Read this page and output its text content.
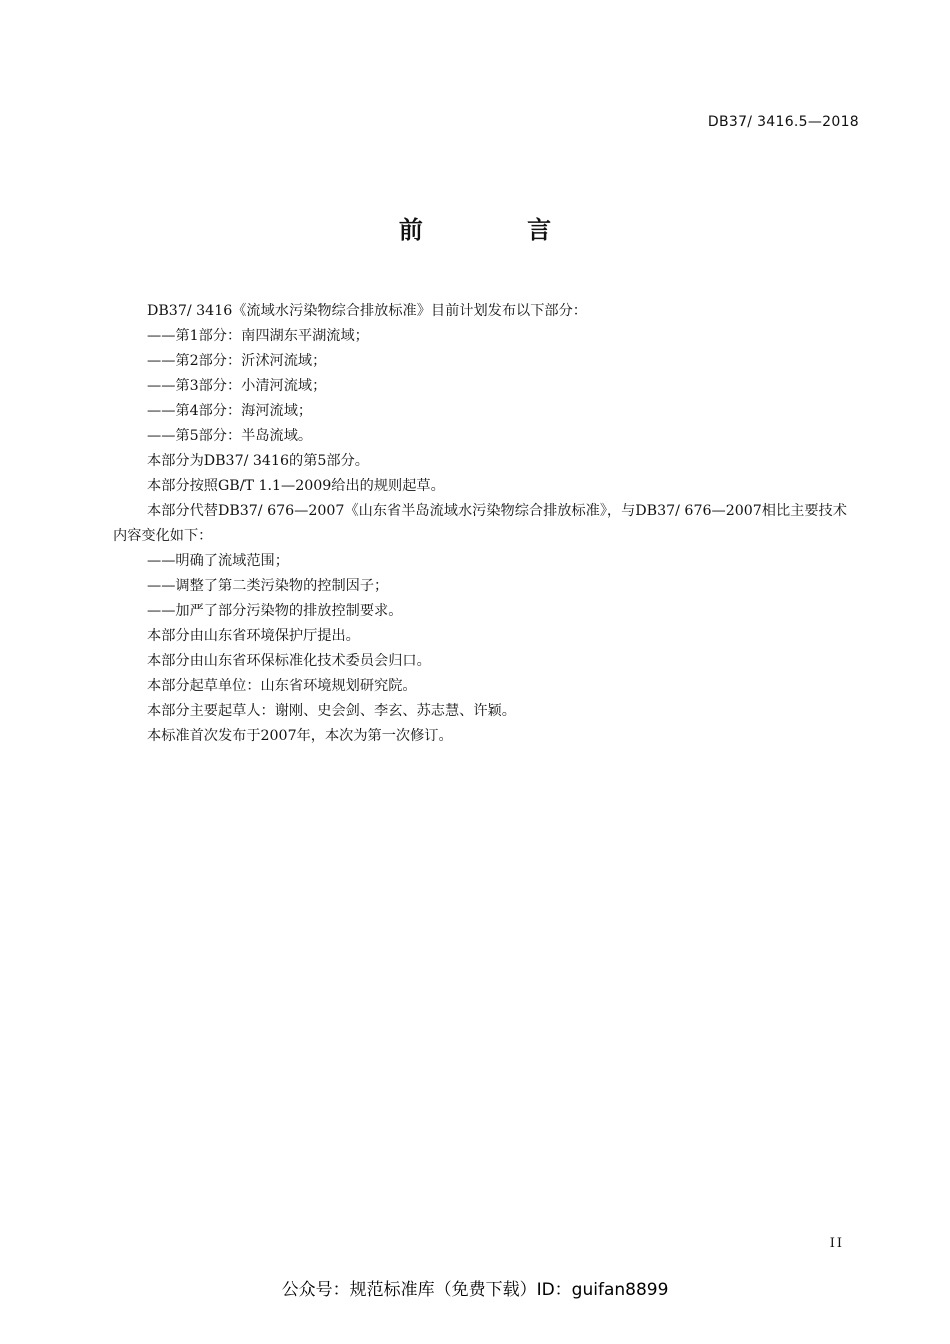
DB37/ 3416.5—2018
前 言

DB37/ 3416《流域水污染物综合排放标准》目前计划发布以下部分：

——第1部分：南四湖东平湖流域；

——第2部分：沂沭河流域；

——第3部分：小清河流域；

——第4部分：海河流域；

——第5部分：半岛流域。

本部分为DB37/ 3416的第5部分。

本部分按照GB/T 1.1—2009给出的规则起草。

本部分代替DB37/ 676—2007《山东省半岛流域水污染物综合排放标准》，与DB37/ 676—2007相比主要技术内容变化如下：

——明确了流域范围；

——调整了第二类污染物的控制因子；

——加严了部分污染物的排放控制要求。

本部分由山东省环境保护厅提出。

本部分由山东省环保标准化技术委员会归口。

本部分起草单位：山东省环境规划研究院。

本部分主要起草人：谢刚、史会剑、李玄、苏志慧、许颖。

本标准首次发布于2007年，本次为第一次修订。

II
公众号：规范标准库（免费下载）ID：guifan8899
